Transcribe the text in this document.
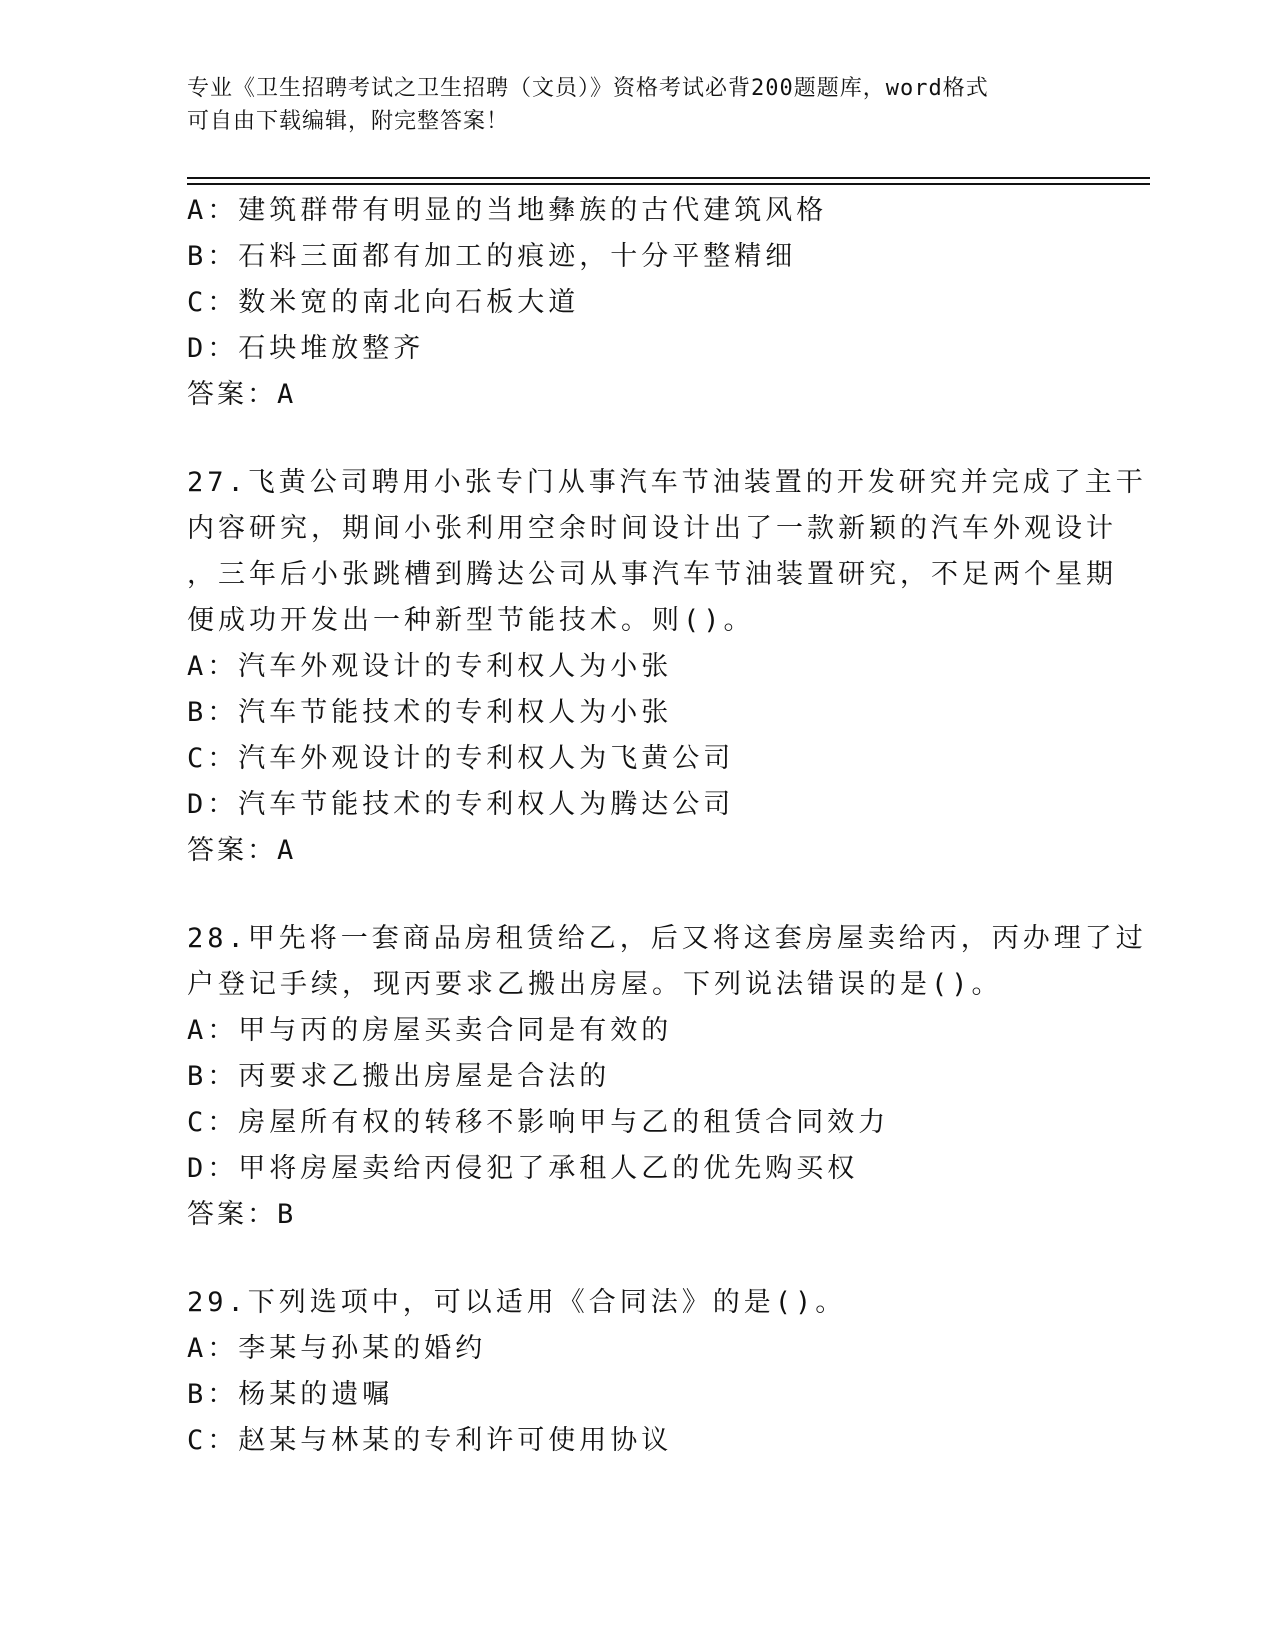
专业《卫生招聘考试之卫生招聘（文员）》资格考试必背200题题库，word格式
可自由下载编辑，附完整答案！
A：建筑群带有明显的当地彝族的古代建筑风格
B：石料三面都有加工的痕迹，十分平整精细
C：数米宽的南北向石板大道
D：石块堆放整齐
答案：A
27.飞黄公司聘用小张专门从事汽车节油装置的开发研究并完成了主干
内容研究，期间小张利用空余时间设计出了一款新颖的汽车外观设计
，三年后小张跳槽到腾达公司从事汽车节油装置研究，不足两个星期
便成功开发出一种新型节能技术。则()。
A：汽车外观设计的专利权人为小张
B：汽车节能技术的专利权人为小张
C：汽车外观设计的专利权人为飞黄公司
D：汽车节能技术的专利权人为腾达公司
答案：A
28.甲先将一套商品房租赁给乙，后又将这套房屋卖给丙，丙办理了过
户登记手续，现丙要求乙搬出房屋。下列说法错误的是()。
A：甲与丙的房屋买卖合同是有效的
B：丙要求乙搬出房屋是合法的
C：房屋所有权的转移不影响甲与乙的租赁合同效力
D：甲将房屋卖给丙侵犯了承租人乙的优先购买权
答案：B
29.下列选项中，可以适用《合同法》的是()。
A：李某与孙某的婚约
B：杨某的遗嘱
C：赵某与林某的专利许可使用协议
